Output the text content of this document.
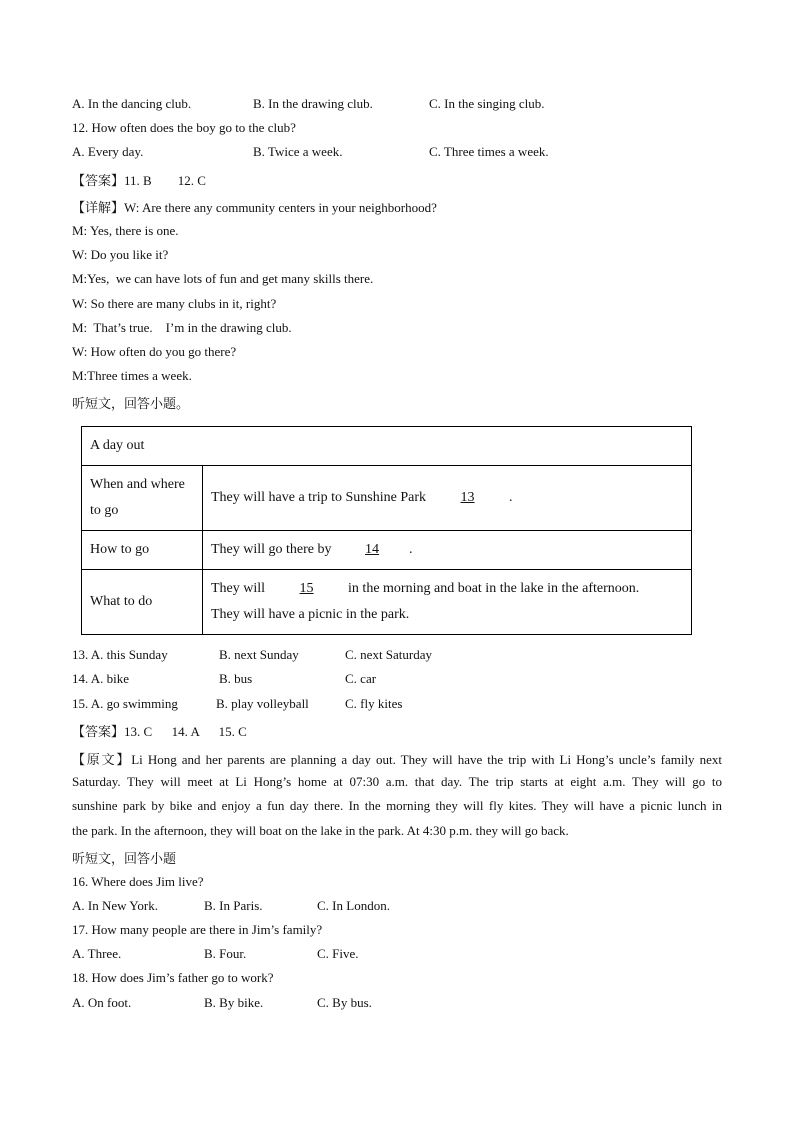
A. In the dancing club.	B. In the drawing club.	C. In the singing club.
12. How often does the boy go to the club?
A. Every day.	B. Twice a week.	C. Three times a week.
【答案】11. B        12. C
【详解】W: Are there any community centers in your neighborhood?
M: Yes, there is one.
W: Do you like it?
M:Yes,  we can have lots of fun and get many skills there.
W: So there are many clubs in it, right?
M:  That’s true.    I’m in the drawing club.
W: How often do you go there?
M:Three times a week.
听短文，回答小题。
A day out	
When and where to go	They will have a trip to Sunshine Park 13 .
How to go	They will go there by 14 .
What to do	They will 15 in the morning and boat in the lake in the afternoon.
They will have a picnic in the park.
13. A. this Sunday	B. next Sunday	C. next Saturday
14. A. bike	B. bus	C. car
15. A. go swimming	B. play volleyball	C. fly kites
【答案】13. C      14. A      15. C
【原文】Li Hong and her parents are planning a day out. They will have the trip with Li Hong’s uncle’s family next
Saturday. They will meet at Li Hong’s home at 07:30 a.m. that day. The trip starts at eight a.m. They will go to
sunshine park by bike and enjoy a fun day there. In the morning they will fly kites. They will have a picnic lunch in
the park. In the afternoon, they will boat on the lake in the park. At 4:30 p.m. they will go back.
听短文，回答小题
16. Where does Jim live?
A. In New York.	B. In Paris.	C. In London.
17. How many people are there in Jim’s family?
A. Three.	B. Four.	C. Five.
18. How does Jim’s father go to work?
A. On foot.	B. By bike.	C. By bus.
